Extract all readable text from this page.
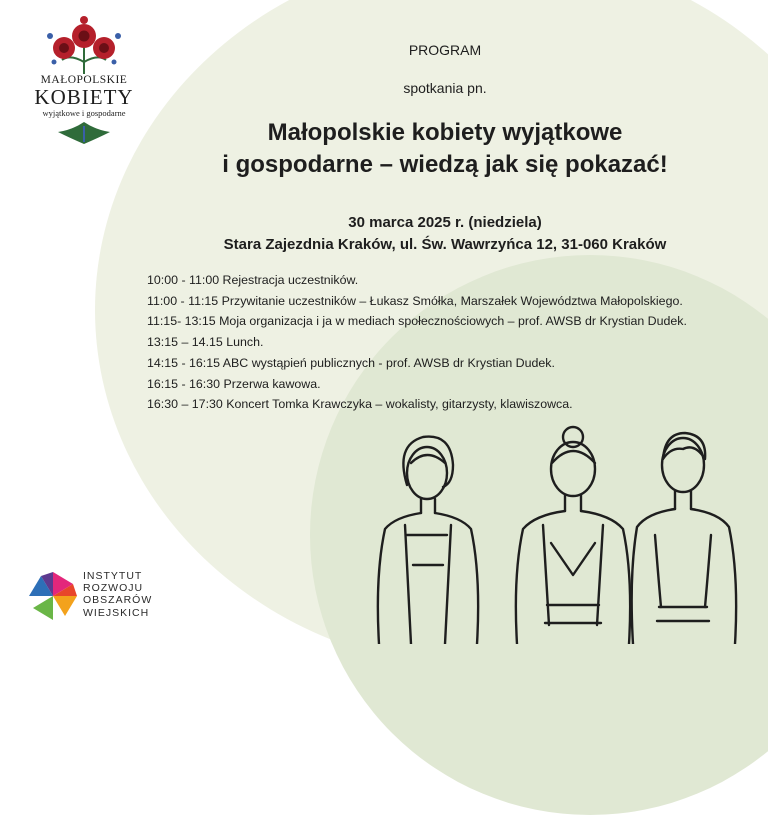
MAŁOPOLSKIE
KOBIETY
wyjątkowe i gospodarne
PROGRAM
spotkania pn.
Małopolskie kobiety wyjątkowe
i gospodarne – wiedzą jak się pokazać!
30 marca 2025 r. (niedziela)
Stara Zajezdnia Kraków, ul. Św. Wawrzyńca 12, 31-060 Kraków
10:00 - 11:00 Rejestracja uczestników.
11:00 - 11:15 Przywitanie uczestników – Łukasz Smółka, Marszałek Województwa Małopolskiego.
11:15- 13:15 Moja organizacja i ja w mediach społecznościowych – prof. AWSB dr Krystian Dudek.
13:15 – 14.15 Lunch.
14:15 - 16:15 ABC wystąpień publicznych - prof. AWSB dr Krystian Dudek.
16:15 - 16:30 Przerwa kawowa.
16:30 – 17:30 Koncert Tomka Krawczyka – wokalisty, gitarzysty, klawiszowca.
INSTYTUT
ROZWOJU
OBSZARÓW
WIEJSKICH
